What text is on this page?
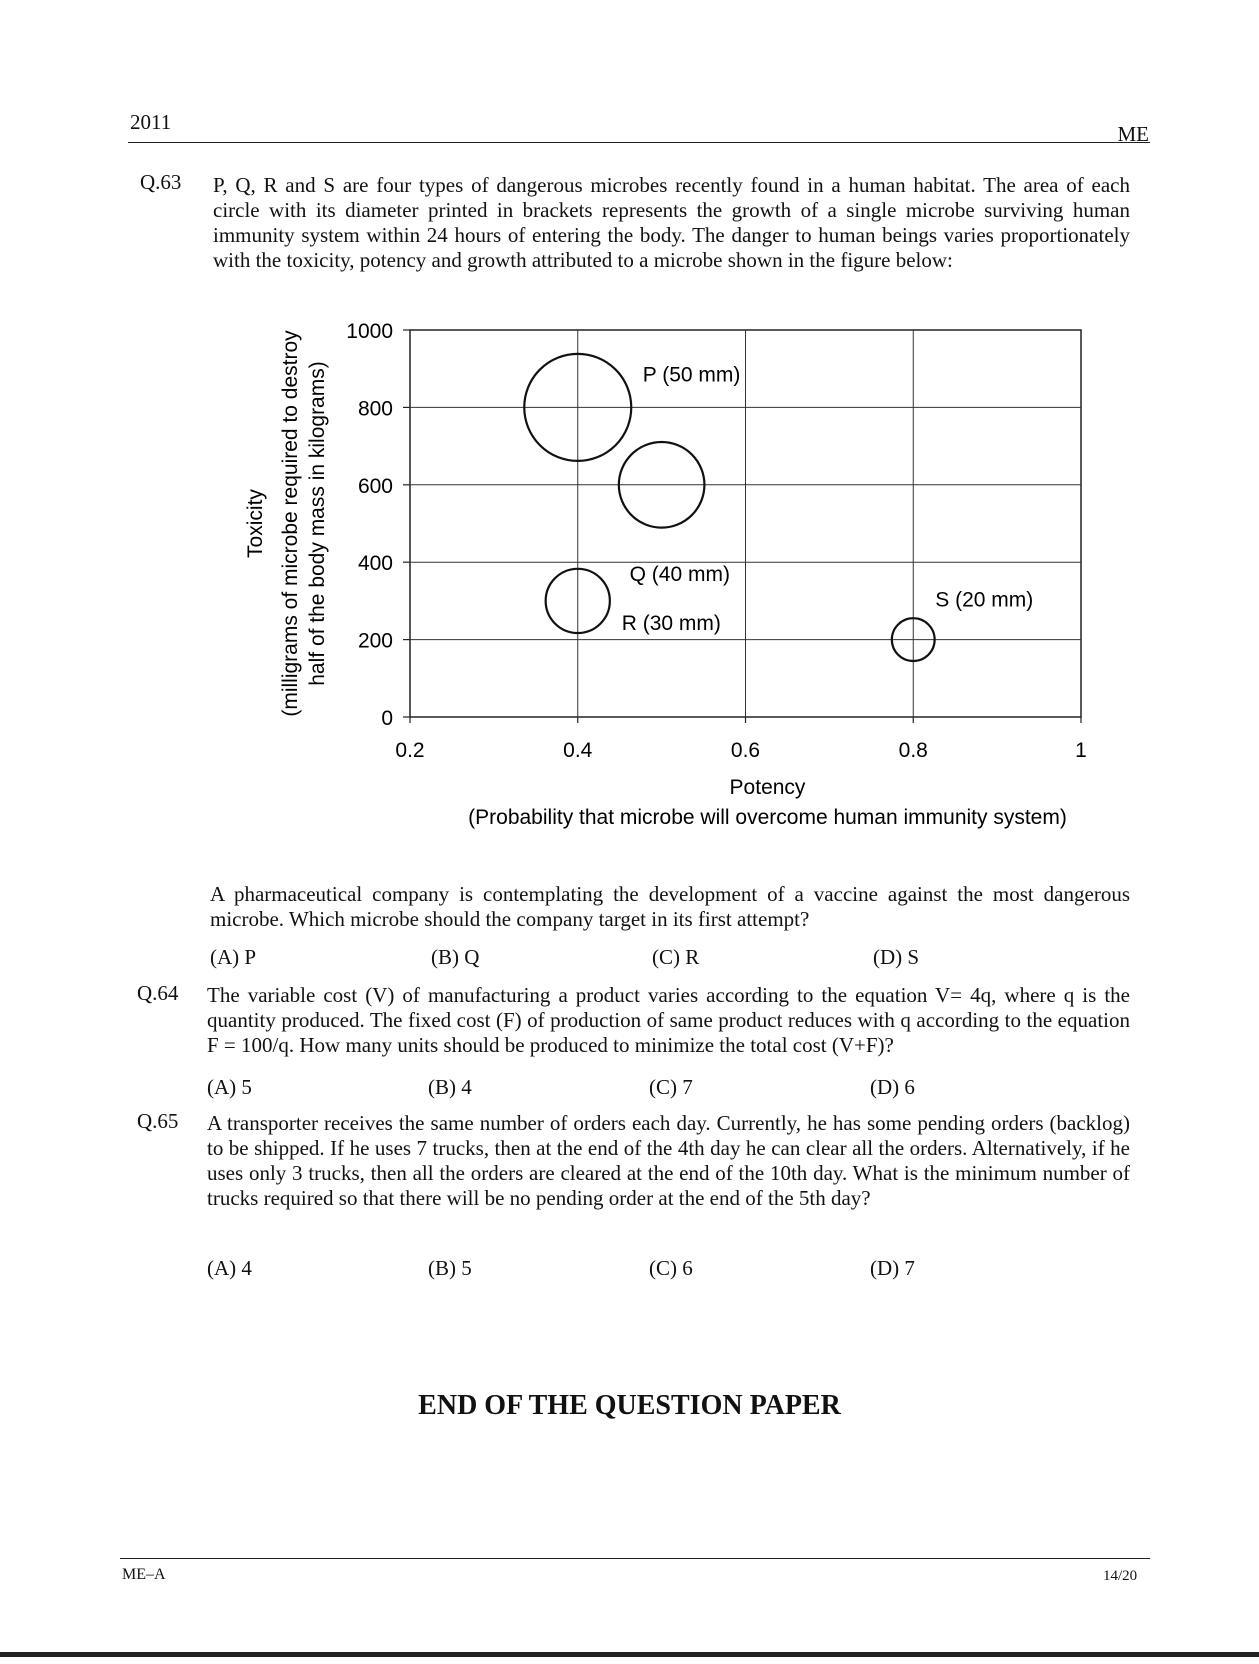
2011	ME
Q.63 P, Q, R and S are four types of dangerous microbes recently found in a human habitat. The area of each circle with its diameter printed in brackets represents the growth of a single microbe surviving human immunity system within 24 hours of entering the body. The danger to human beings varies proportionately with the toxicity, potency and growth attributed to a microbe shown in the figure below:
0.2	0.4	0.6	0.8	1
0
200
400
600
800
1000
P (50 mm)
Q (40 mm)
R (30 mm)
S (20 mm)
Potency
(Probability that microbe will overcome human immunity system)
Toxicity (milligrams of microbe required to destroy half of the body mass in kilograms)
A pharmaceutical company is contemplating the development of a vaccine against the most dangerous microbe. Which microbe should the company target in its first attempt?
(A) P	(B) Q	(C) R	(D) S
Q.64 The variable cost (V) of manufacturing a product varies according to the equation V= 4q, where q is the quantity produced. The fixed cost (F) of production of same product reduces with q according to the equation F = 100/q. How many units should be produced to minimize the total cost (V+F)?
(A) 5	(B) 4	(C) 7	(D) 6
Q.65 A transporter receives the same number of orders each day. Currently, he has some pending orders (backlog) to be shipped. If he uses 7 trucks, then at the end of the 4th day he can clear all the orders. Alternatively, if he uses only 3 trucks, then all the orders are cleared at the end of the 10th day. What is the minimum number of trucks required so that there will be no pending order at the end of the 5th day?
(A) 4	(B) 5	(C) 6	(D) 7
END OF THE QUESTION PAPER
ME–A	14/20
